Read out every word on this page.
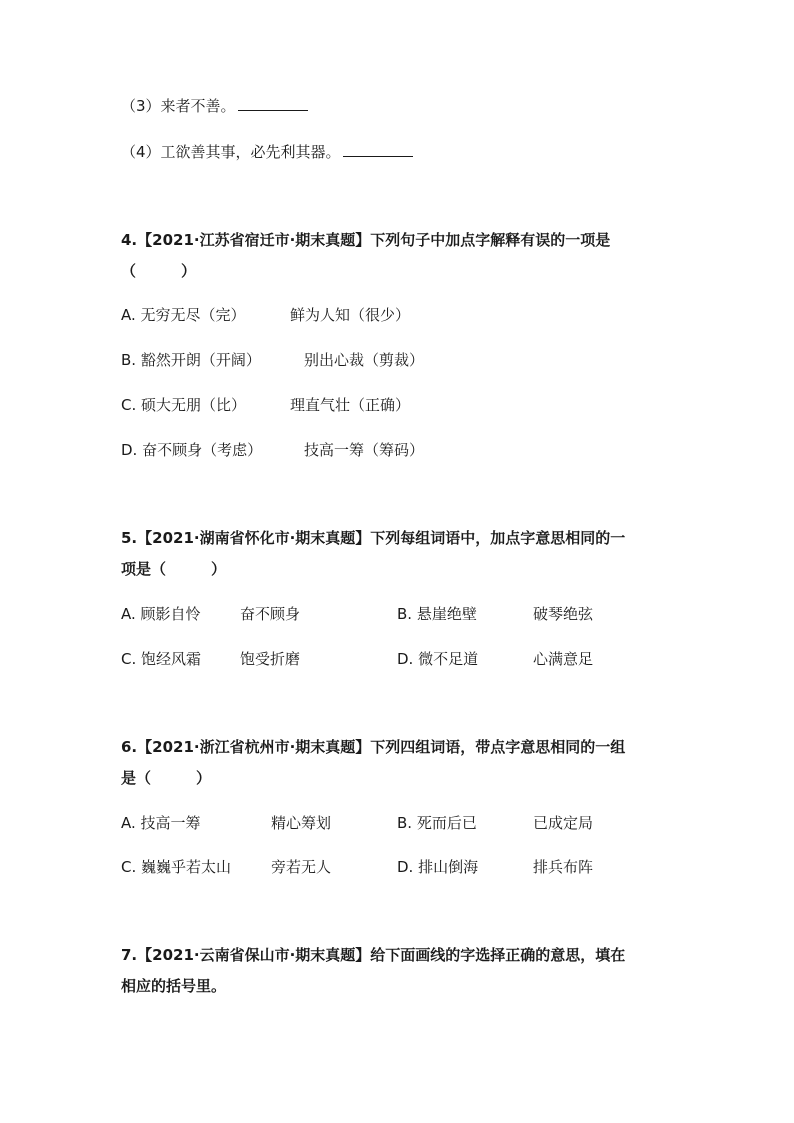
（3）来者不善。
（4）工欲善其事，必先利其器。
4.【2021·江苏省宿迁市·期末真题】下列句子中加点字解释有误的一项是
（　　　）
A. 无穷无尽（完）	鲜为人知（很少）
B. 豁然开朗（开阔）	别出心裁（剪裁）
C. 硕大无朋（比）	理直气壮（正确）
D. 奋不顾身（考虑）	技高一筹（筹码）
5.【2021·湖南省怀化市·期末真题】下列每组词语中，加点字意思相同的一
项是（　　　）
A. 顾影自怜	奋不顾身	B. 悬崖绝壁	破琴绝弦
C. 饱经风霜	饱受折磨	D. 微不足道	心满意足
6.【2021·浙江省杭州市·期末真题】下列四组词语，带点字意思相同的一组
是（　　　）
A. 技高一筹	精心筹划	B. 死而后已	已成定局
C. 巍巍乎若太山	旁若无人	D. 排山倒海	排兵布阵
7.【2021·云南省保山市·期末真题】给下面画线的字选择正确的意思，填在
相应的括号里。
